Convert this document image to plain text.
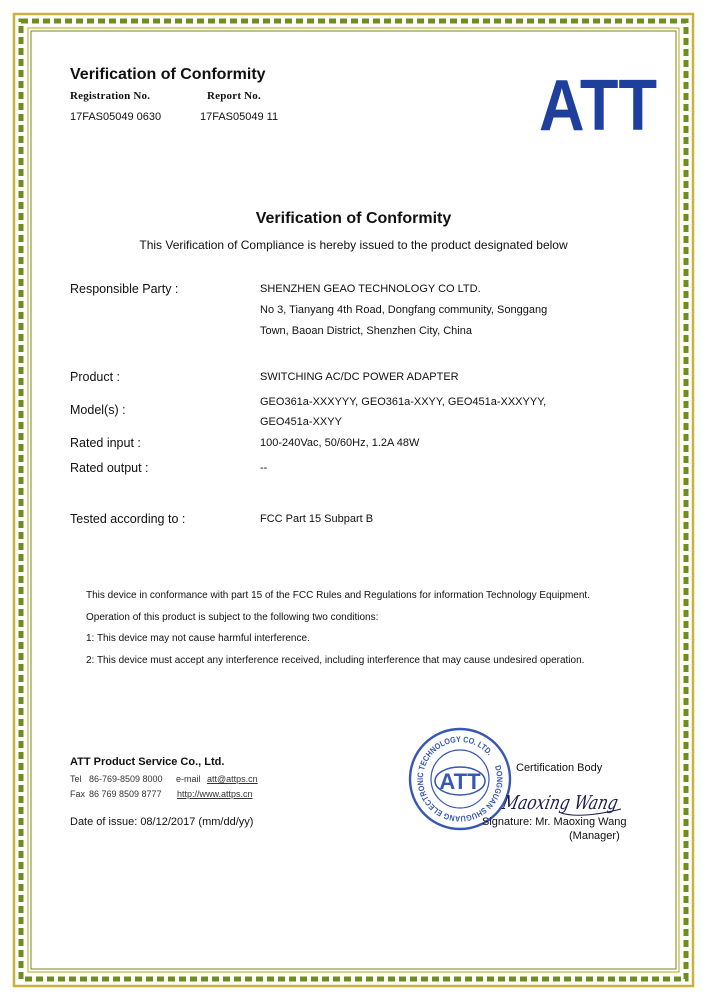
Verification of Conformity
Registration No.	Report No.
17FAS05049 0630	17FAS05049 11	ATT
Verification of Conformity
This Verification of Compliance is hereby issued to the product designated below
Responsible Party :	SHENZHEN GEAO TECHNOLOGY CO LTD.
No 3, Tianyang 4th Road, Dongfang community, Songgang
Town, Baoan District, Shenzhen City, China
Product :	SWITCHING AC/DC POWER ADAPTER
Model(s) :
GEO361a-XXXYYY, GEO361a-XXYY, GEO451a-XXXYYY,
GEO451a-XXYY
Rated input :	100-240Vac, 50/60Hz, 1.2A 48W
Rated output :	--
Tested according to :	FCC Part 15 Subpart B
This device in conformance with part 15 of the FCC Rules and Regulations for information Technology Equipment.
Operation of this product is subject to the following two conditions:
1: This device may not cause harmful interference.
2: This device must accept any interference received, including interference that may cause undesired operation.
ATT Product Service Co., Ltd.
Tel 86-769-8509 8000 e-mail att@attps.cn
Fax 86 769 8509 8777 http://www.attps.cn
DONGGUAN SHUGUANG ELECTRONIC TECHNOLOGY CO. LTD.
ATT
Certification Body
Maoxing Wang
Signature: Mr. Maoxing Wang
(Manager)
Date of issue: 08/12/2017 (mm/dd/yy)
